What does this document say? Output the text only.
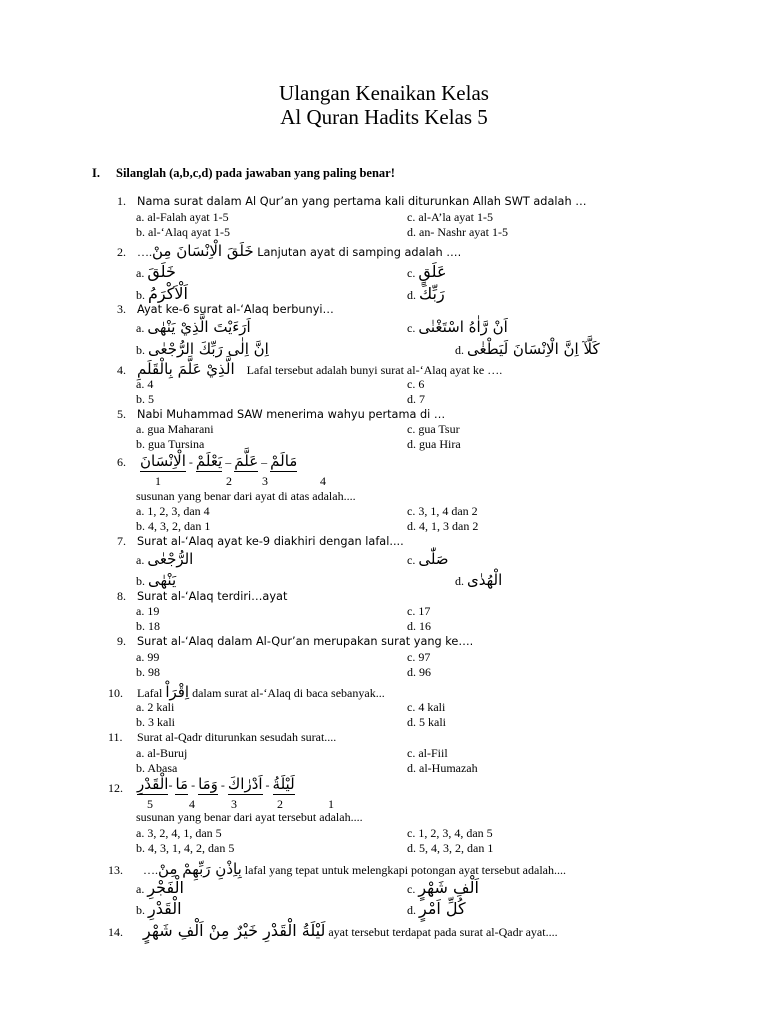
Ulangan Kenaikan Kelas
Al Quran Hadits Kelas 5
I. Silanglah (a,b,c,d) pada jawaban yang paling benar!
1. Nama surat dalam Al Qur’an yang pertama kali diturunkan Allah SWT adalah …
a. al-Falah ayat 1-5	c. al-A’la ayat 1-5
b. al-‘Alaq ayat 1-5	d. an- Nashr ayat 1-5
2. ….خَلَقَ الْاِنْسَانَ مِنْ Lanjutan ayat di samping adalah ….
a. خَلَقَ	c. عَلَقٍ
b. اَلْاَكْرَمُ	d. رَبِّكَ
3. Ayat ke-6 surat al-‘Alaq berbunyi…
a. اَرَءَيْتَ الَّذِيْ يَنْهٰى	c. اَنْ رَّاٰهُ اسْتَغْنٰى
b. اِنَّ اِلٰى رَبِّكَ الرُّجْعٰى	d. كَلَّآ اِنَّ الْاِنْسَانَ لَيَطْغٰى
4. الَّذِيْ عَلَّمَ بِالْقَلَمِ Lafal tersebut adalah bunyi surat al-‘Alaq ayat ke ….
a. 4	c. 6
b. 5	d. 7
5. Nabi Muhammad SAW menerima wahyu pertama di …
a. gua Maharani	c. gua Tsur
b. gua Tursina	d. gua Hira
6. الْاِنْسَانَ - يَعْلَمْ – عَلَّمَ – مَالَمْ
1	2	3	4
susunan yang benar dari ayat di atas adalah....
a. 1, 2, 3, dan 4	c. 3, 1, 4 dan 2
b. 4, 3, 2, dan 1	d. 4, 1, 3 dan 2
7. Surat al-‘Alaq ayat ke-9 diakhiri dengan lafal....
a. الرُّجْعٰى	c. صَلّٰى
b. يَنْهٰى	d. الْهُدٰى
8. Surat al-‘Alaq terdiri…ayat
a. 19	c. 17
b. 18	d. 16
9. Surat al-‘Alaq dalam Al-Qur’an merupakan surat yang ke….
a. 99	c. 97
b. 98	d. 96
10. Lafal اِقْرَاْ dalam surat al-‘Alaq di baca sebanyak...
a. 2 kali	c. 4 kali
b. 3 kali	d. 5 kali
11. Surat al-Qadr diturunkan sesudah surat....
a. al-Buruj	c. al-Fiil
b. Abasa	d. al-Humazah
12. الْقَدْرِ- مَا - وَمَا - اَدْرٰاكَ - لَيْلَةُ
5	4	3	2	1
susunan yang benar dari ayat tersebut adalah....
a. 3, 2, 4, 1, dan 5	c. 1, 2, 3, 4, dan 5
b. 4, 3, 1, 4, 2, dan 5	d. 5, 4, 3, 2, dan 1
13. ….بِاِذْنِ رَبِّهِمْ مِنْ lafal yang tepat untuk melengkapi potongan ayat tersebut adalah....
a. الْفَجْرِ	c. اَلْفِ شَهْرٍ
b. الْقَدْرِ	d. كُلِّ اَمْرٍ
14. لَيْلَةُ الْقَدْرِ خَيْرٌ مِنْ اَلْفِ شَهْرٍ ayat tersebut terdapat pada surat al-Qadr ayat....
